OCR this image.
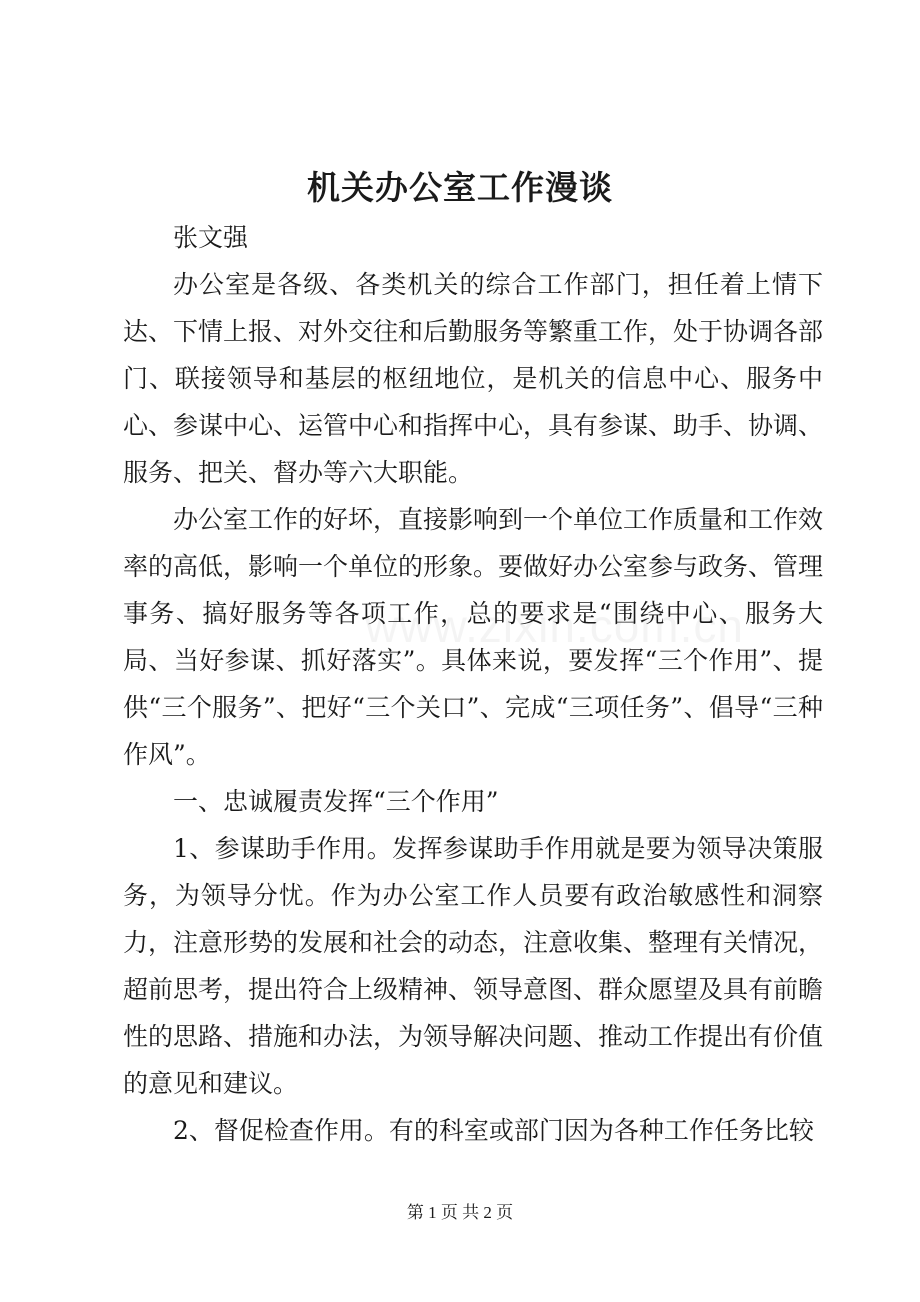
机关办公室工作漫谈

张文强

办公室是各级、各类机关的综合工作部门，担任着上情下达、下情上报、对外交往和后勤服务等繁重工作，处于协调各部门、联接领导和基层的枢纽地位，是机关的信息中心、服务中心、参谋中心、运管中心和指挥中心，具有参谋、助手、协调、服务、把关、督办等六大职能。

办公室工作的好坏，直接影响到一个单位工作质量和工作效率的高低，影响一个单位的形象。要做好办公室参与政务、管理事务、搞好服务等各项工作，总的要求是“围绕中心、服务大局、当好参谋、抓好落实”。具体来说，要发挥“三个作用”、提供“三个服务”、把好“三个关口”、完成“三项任务”、倡导“三种作风”。

一、忠诚履责发挥“三个作用”

1、参谋助手作用。发挥参谋助手作用就是要为领导决策服务，为领导分忧。作为办公室工作人员要有政治敏感性和洞察力，注意形势的发展和社会的动态，注意收集、整理有关情况，超前思考，提出符合上级精神、领导意图、群众愿望及具有前瞻性的思路、措施和办法，为领导解决问题、推动工作提出有价值的意见和建议。

2、督促检查作用。有的科室或部门因为各种工作任务比较

第 1 页 共 2 页
